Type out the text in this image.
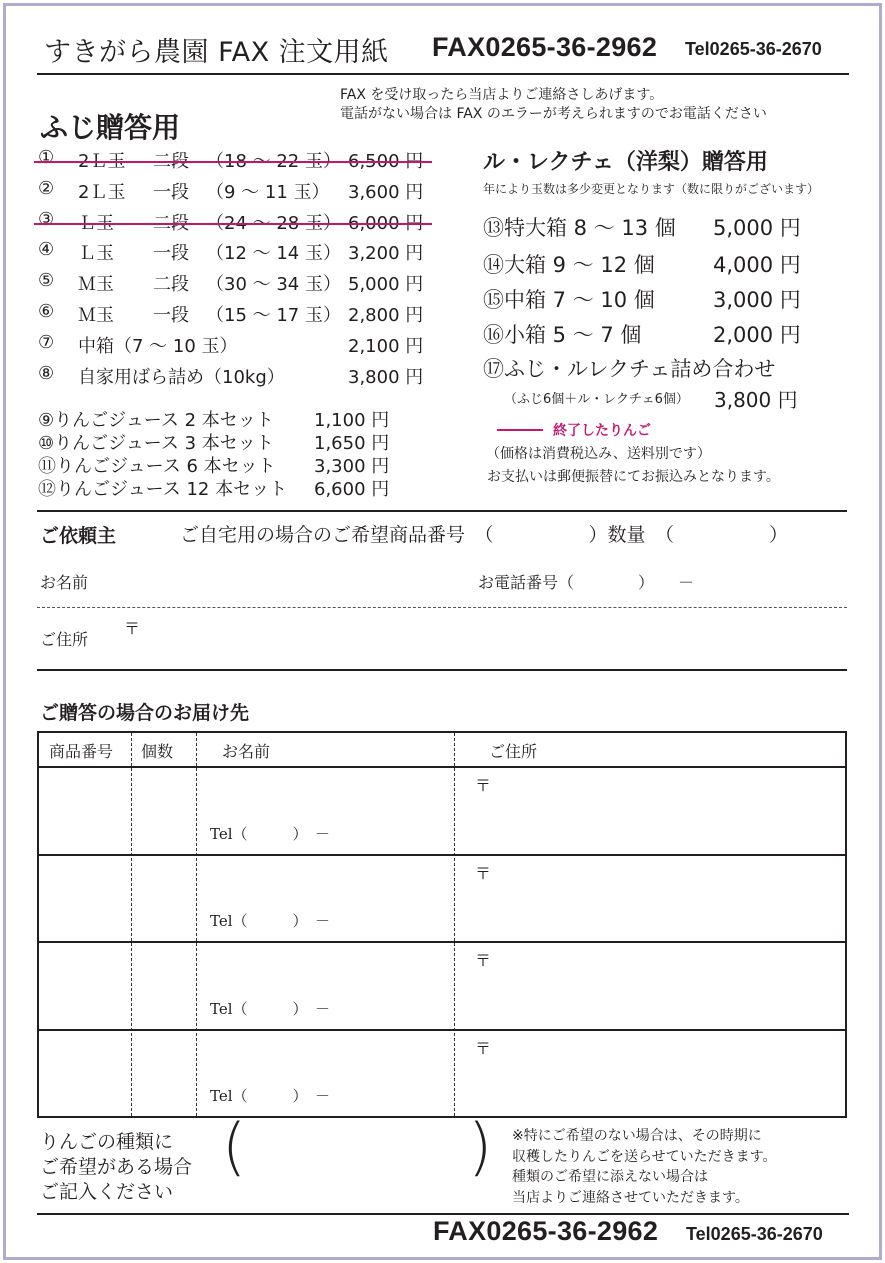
すきがら農園 FAX 注文用紙 FAX0265-36-2962 Tel0265-36-2670
FAX を受け取ったら当店よりご連絡さしあげます。
電話がない場合は FAX のエラーが考えられますのでお電話ください
ふじ贈答用
① 2Ｌ玉 二段 （18 ～ 22 玉） 6,500 円
② 2Ｌ玉 一段 （9 ～ 11 玉） 3,600 円
③ Ｌ玉 二段 （24 ～ 28 玉） 6,000 円
④ Ｌ玉 一段 （12 ～ 14 玉） 3,200 円
⑤ Ｍ玉 二段 （30 ～ 34 玉） 5,000 円
⑥ Ｍ玉 一段 （15 ～ 17 玉） 2,800 円
⑦ 中箱（7 ～ 10 玉）	2,100 円
⑧ 自家用ばら詰め（10kg）	3,800 円
⑨りんごジュース 2 本セット 1,100 円
⑩りんごジュース 3 本セット 1,650 円
⑪りんごジュース 6 本セット 3,300 円
⑫りんごジュース 12 本セット 6,600 円
ル・レクチェ（洋梨）贈答用
年により玉数は多少変更となります（数に限りがございます）
⑬特大箱 8 ～ 13 個 5,000 円
⑭大箱 9 ～ 12 個	4,000 円
⑮中箱 7 ～ 10 個	3,000 円
⑯小箱 5 ～ 7 個	2,000 円
⑰ふじ・ルレクチェ詰め合わせ
（ふじ6個＋ル・レクチェ6個） 3,800 円
終了したりんご
（価格は消費税込み、送料別です）
お支払いは郵便振替にてお振込みとなります。
ご依頼主	ご自宅用の場合のご希望商品番号　（　　　　　）数量　（　　　　　）
お名前	お電話番号（　　　　）　　－
ご住所
〒
ご贈答の場合のお届け先
商品番号 個数	お名前	ご住所
〒
Tel（　　　）　－
〒
Tel（　　　）　－
〒
Tel（　　　）　－
〒
Tel（　　　）　－
りんごの種類に
ご希望がある場合
ご記入ください
(	) ※特にご希望のない場合は、その時期に
収穫したりんごを送らせていただきます。
種類のご希望に添えない場合は
当店よりご連絡させていただきます。
FAX0265-36-2962 Tel0265-36-2670
